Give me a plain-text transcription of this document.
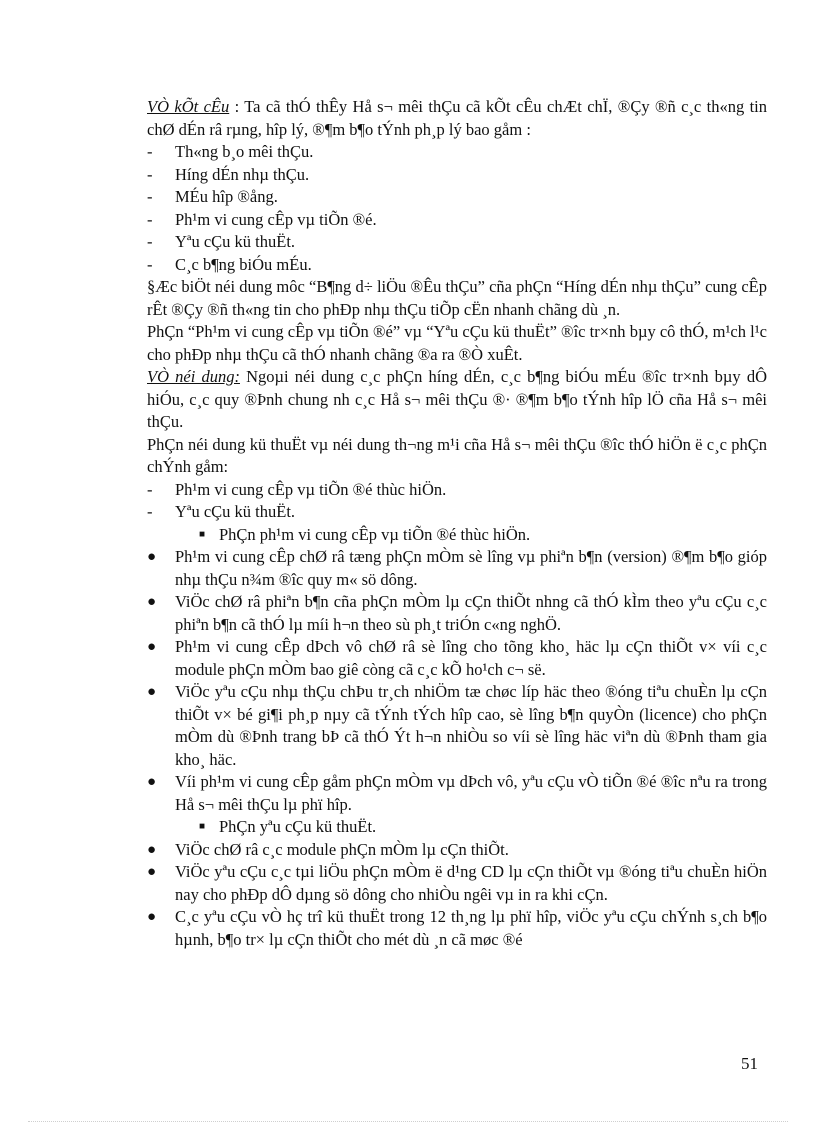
VÒ kÕt cÊu : Ta cã thÓ thÊy Hå s¬ mêi thÇu cã kÕt cÊu chÆt chÏ, ®Çy ®ñ c¸c th«ng tin chØ dÉn râ rµng, hîp lý, ®¶m b¶o tÝnh ph¸p lý bao gåm :

-	Th«ng b¸o mêi thÇu.
-	Híng dÉn nhµ thÇu.
-	MÉu hîp ®ång.
-	Ph¹m vi cung cÊp vµ tiÕn ®é.
-	Yªu cÇu kü thuËt.
-	C¸c b¶ng biÓu mÉu.

§Æc biÖt néi dung môc “B¶ng d÷ liÖu ®Êu thÇu” cña phÇn “Híng dÉn nhµ thÇu” cung cÊp rÊt ®Çy ®ñ th«ng tin cho phÐp nhµ thÇu tiÕp cËn nhanh chãng dù ¸n.

PhÇn “Ph¹m vi cung cÊp vµ tiÕn ®é” vµ “Yªu cÇu kü thuËt” ®îc tr×nh bµy cô thÓ, m¹ch l¹c cho phÐp nhµ thÇu cã thÓ nhanh chãng ®a ra ®Ò xuÊt.

VÒ néi dung: Ngoµi néi dung c¸c phÇn híng dÉn, c¸c b¶ng biÓu mÉu ®îc tr×nh bµy dÔ hiÓu, c¸c quy ®Þnh chung nh c¸c Hå s¬ mêi thÇu ®· ®¶m b¶o tÝnh hîp lÖ cña Hå s¬ mêi thÇu.

PhÇn néi dung kü thuËt vµ néi dung th¬ng m¹i cña Hå s¬ mêi thÇu ®îc thÓ hiÖn ë c¸c phÇn chÝnh gåm:

-	Ph¹m vi cung cÊp vµ tiÕn ®é thùc hiÖn.
-	Yªu cÇu kü thuËt.
■ PhÇn ph¹m vi cung cÊp vµ tiÕn ®é thùc hiÖn.
●	Ph¹m vi cung cÊp chØ râ tæng phÇn mÒm sè lîng vµ phiªn b¶n (version) ®¶m b¶o gióp nhµ thÇu n¾m ®îc quy m« sö dông.
●	ViÖc chØ râ phiªn b¶n cña phÇn mÒm lµ cÇn thiÕt nhng cã thÓ kÌm theo yªu cÇu c¸c phiªn b¶n cã thÓ lµ míi h¬n theo sù ph¸t triÓn c«ng nghÖ.
●	Ph¹m vi cung cÊp dÞch vô chØ râ sè lîng cho tõng kho¸ häc lµ cÇn thiÕt v× víi c¸c module phÇn mÒm bao giê còng cã c¸c kÕ ho¹ch c¬ së.
●	ViÖc yªu cÇu nhµ thÇu chÞu tr¸ch nhiÖm tæ chøc líp häc theo ®óng tiªu chuÈn lµ cÇn thiÕt v× bé gi¶i ph¸p nµy cã tÝnh tÝch hîp cao, sè lîng b¶n quyÒn (licence) cho phÇn mÒm dù ®Þnh trang bÞ cã thÓ Ýt h¬n nhiÒu so víi sè lîng häc viªn dù ®Þnh tham gia kho¸ häc.
●	Víi ph¹m vi cung cÊp gåm phÇn mÒm vµ dÞch vô, yªu cÇu vÒ tiÕn ®é ®îc nªu ra trong Hå s¬ mêi thÇu lµ phï hîp.
■ PhÇn yªu cÇu kü thuËt.
●	ViÖc chØ râ c¸c module phÇn mÒm lµ cÇn thiÕt.
●	ViÖc yªu cÇu c¸c tµi liÖu phÇn mÒm ë d¹ng CD lµ cÇn thiÕt vµ ®óng tiªu chuÈn hiÖn nay cho phÐp dÔ dµng sö dông cho nhiÒu ngêi vµ in ra khi cÇn.
●	C¸c yªu cÇu vÒ hç trî kü thuËt trong 12 th¸ng lµ phï hîp, viÖc yªu cÇu chÝnh s¸ch b¶o hµnh, b¶o tr× lµ cÇn thiÕt cho mét dù ¸n cã møc ®é
51
